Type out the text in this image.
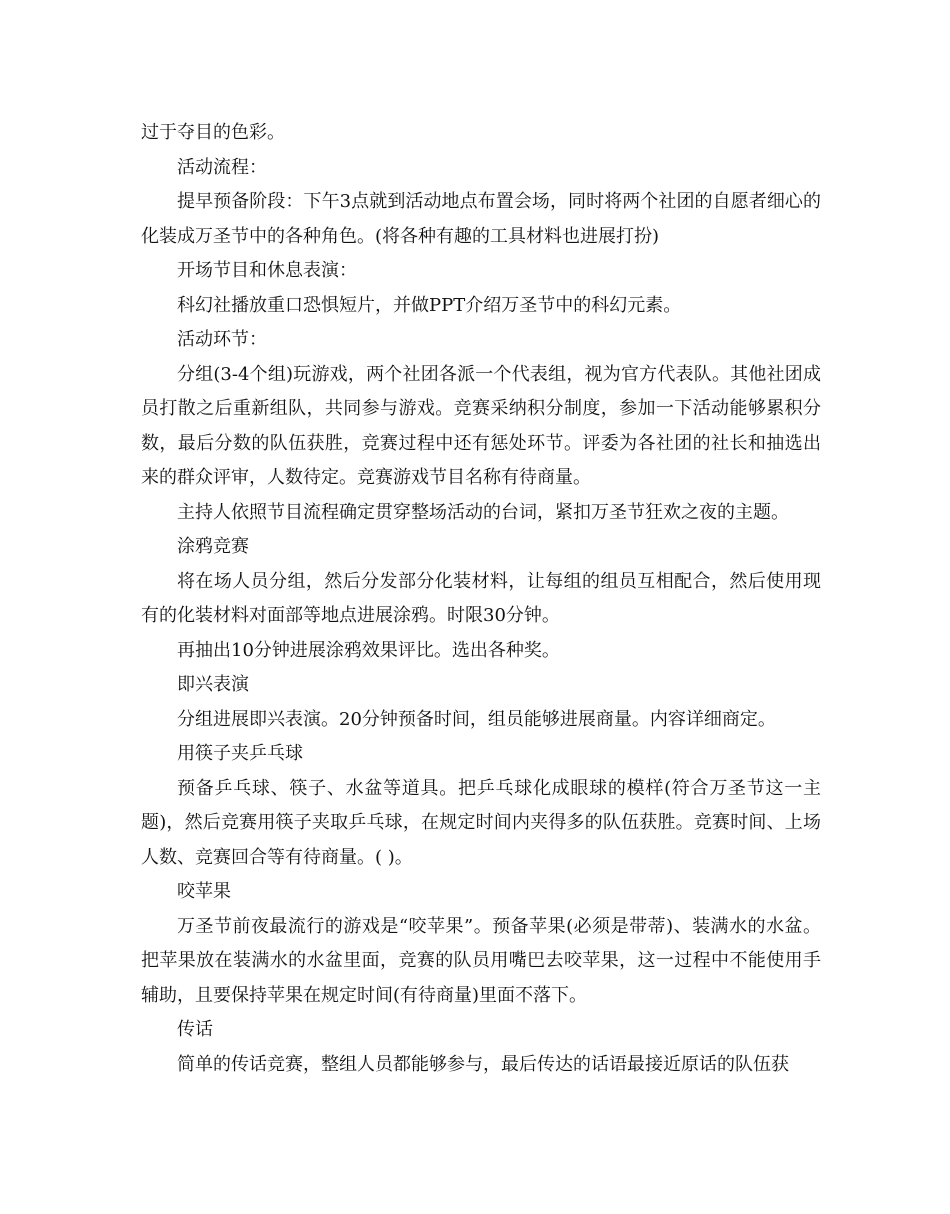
过于夺目的色彩。

活动流程：

提早预备阶段：下午3点就到活动地点布置会场，同时将两个社团的自愿者细心的化装成万圣节中的各种角色。(将各种有趣的工具材料也进展打扮)

开场节目和休息表演：

科幻社播放重口恐惧短片，并做PPT介绍万圣节中的科幻元素。

活动环节：

分组(3-4个组)玩游戏，两个社团各派一个代表组，视为官方代表队。其他社团成员打散之后重新组队，共同参与游戏。竞赛采纳积分制度，参加一下活动能够累积分数，最后分数的队伍获胜，竞赛过程中还有惩处环节。评委为各社团的社长和抽选出来的群众评审，人数待定。竞赛游戏节目名称有待商量。

主持人依照节目流程确定贯穿整场活动的台词，紧扣万圣节狂欢之夜的主题。

涂鸦竞赛

将在场人员分组，然后分发部分化装材料，让每组的组员互相配合，然后使用现有的化装材料对面部等地点进展涂鸦。时限30分钟。

再抽出10分钟进展涂鸦效果评比。选出各种奖。

即兴表演

分组进展即兴表演。20分钟预备时间，组员能够进展商量。内容详细商定。

用筷子夹乒乓球

预备乒乓球、筷子、水盆等道具。把乒乓球化成眼球的模样(符合万圣节这一主题)，然后竞赛用筷子夹取乒乓球，在规定时间内夹得多的队伍获胜。竞赛时间、上场人数、竞赛回合等有待商量。( )。

咬苹果

万圣节前夜最流行的游戏是“咬苹果”。预备苹果(必须是带蒂)、装满水的水盆。把苹果放在装满水的水盆里面，竞赛的队员用嘴巴去咬苹果，这一过程中不能使用手辅助，且要保持苹果在规定时间(有待商量)里面不落下。

传话

简单的传话竞赛，整组人员都能够参与，最后传达的话语最接近原话的队伍获
